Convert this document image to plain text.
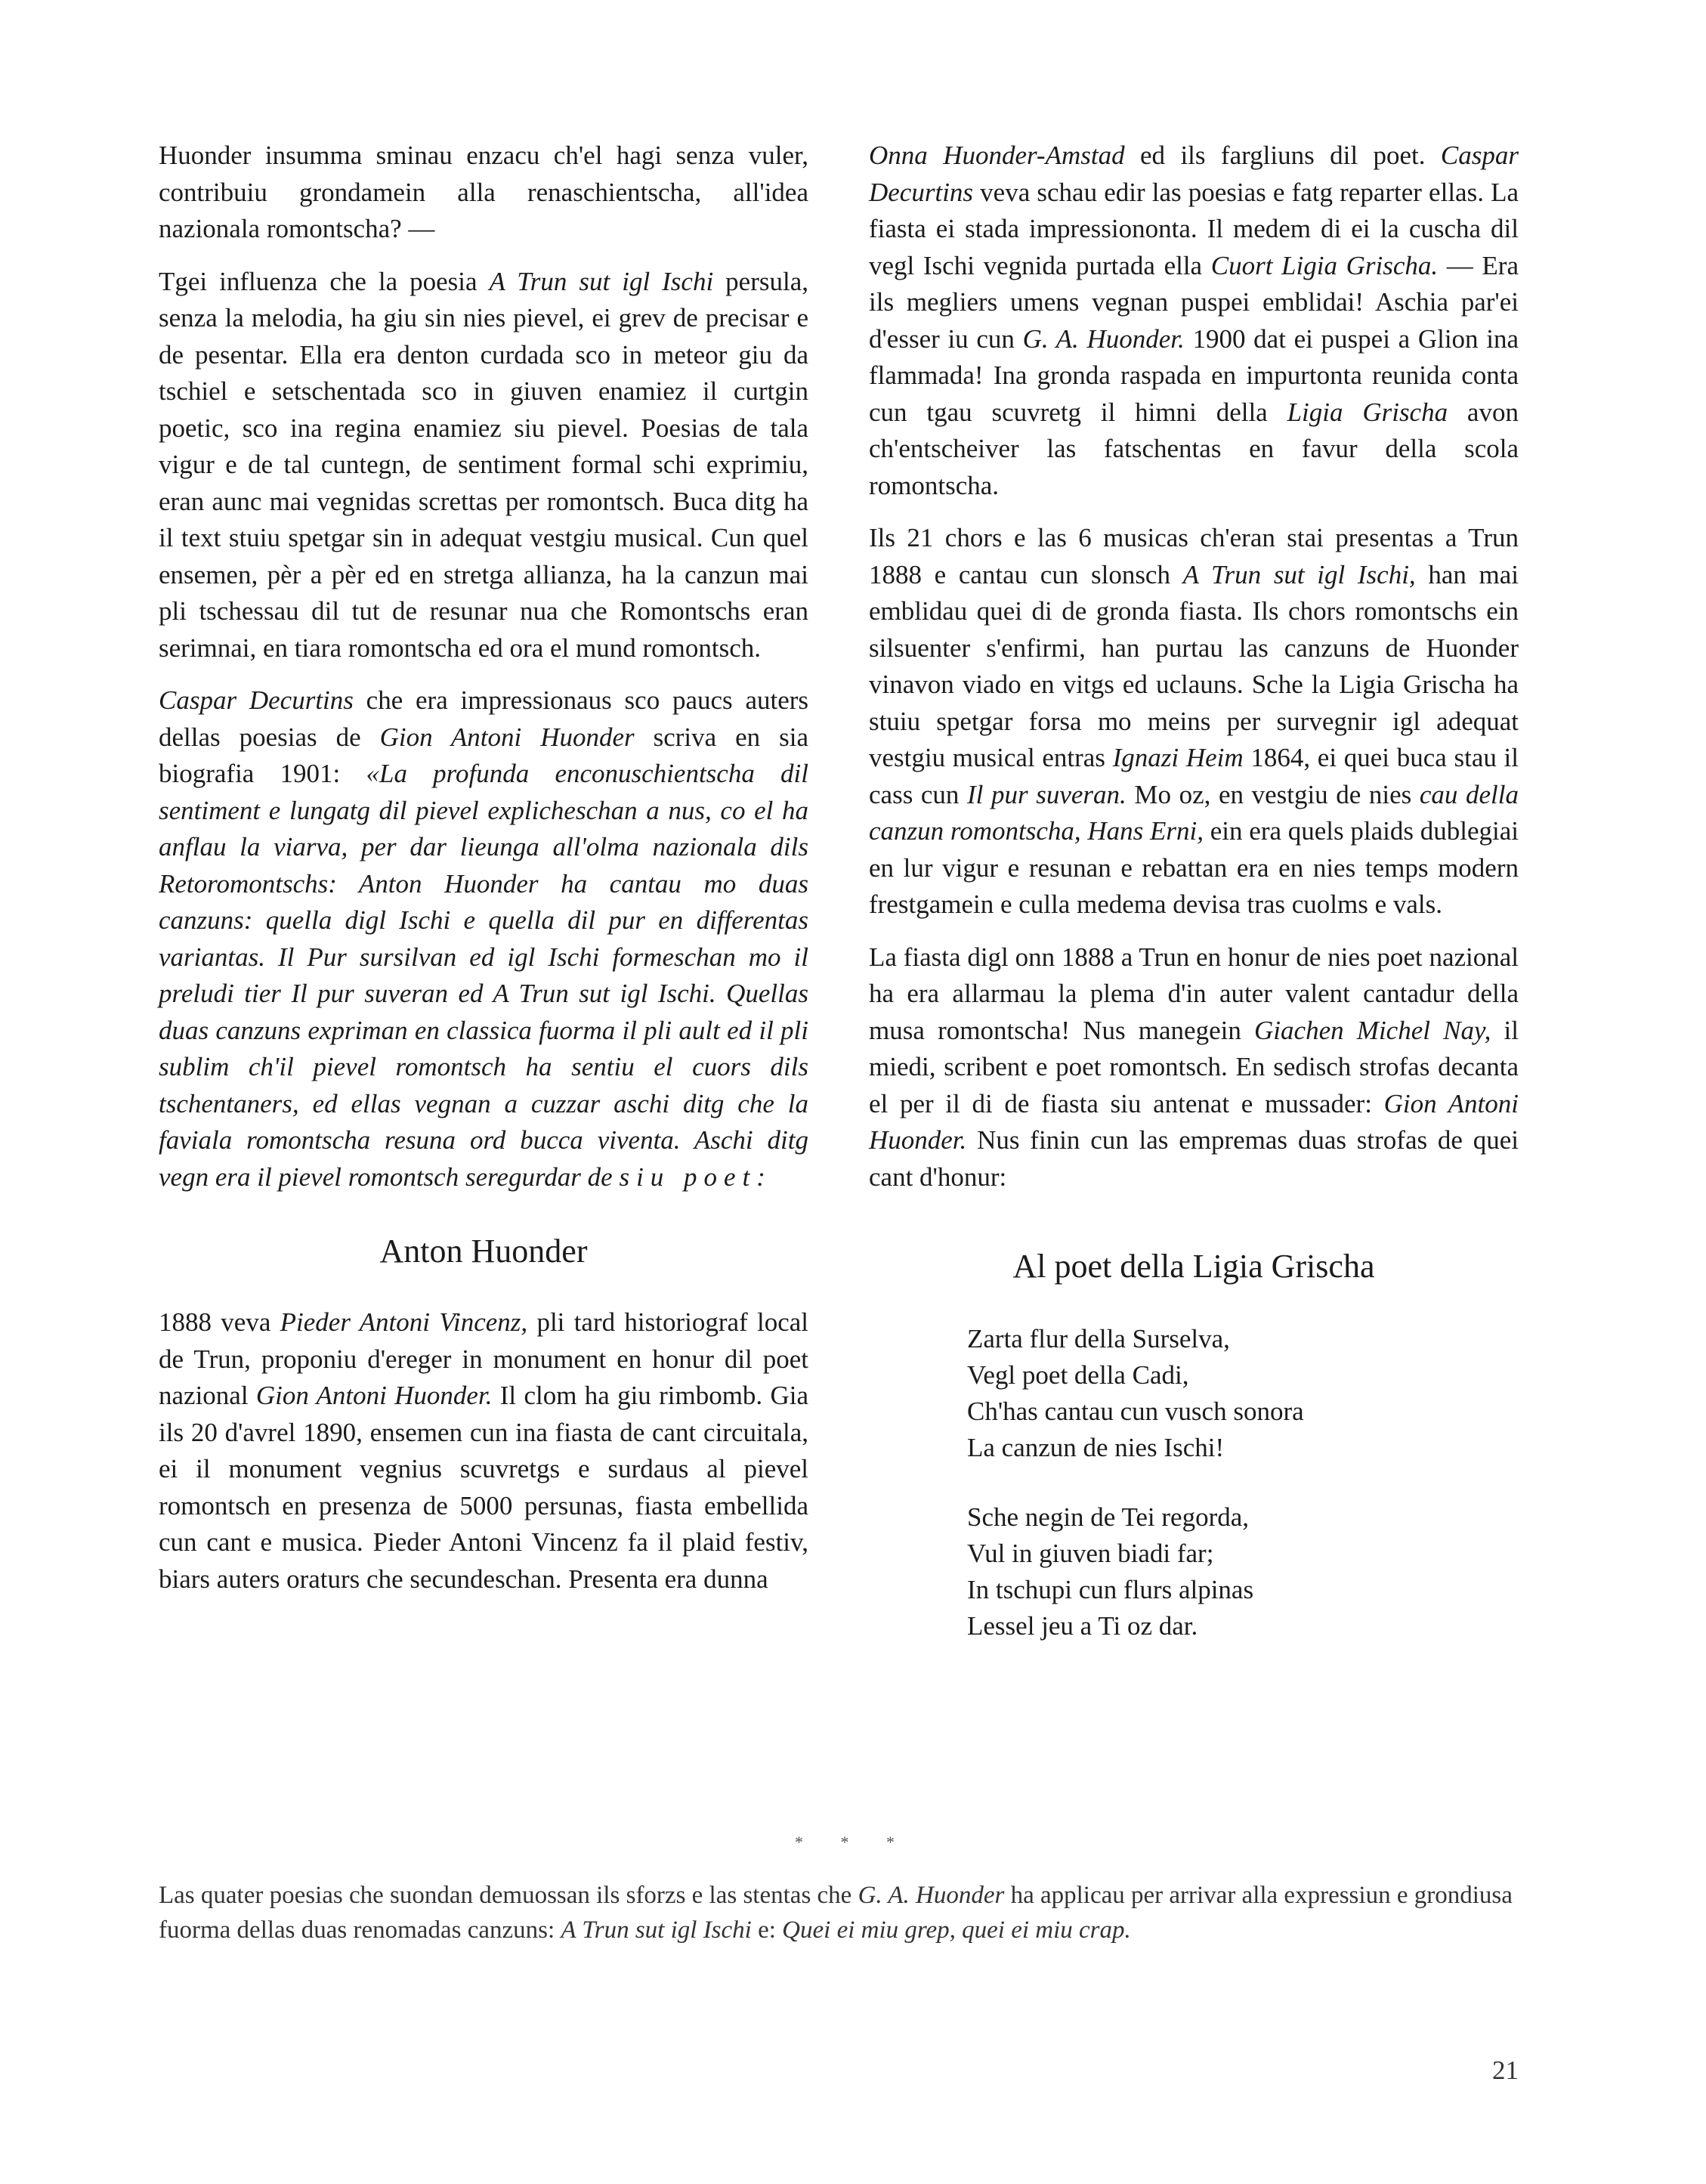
Huonder insumma sminau enzacu ch'el hagi senza vuler, contribuiu grondamein alla renaschientscha, all'idea nazionala romontscha? —

Tgei influenza che la poesia A Trun sut igl Ischi persula, senza la melodia, ha giu sin nies pievel, ei grev de precisar e de pesentar. Ella era denton curdada sco in meteor giu da tschiel e setschentada sco in giuven enamiez il curtgin poetic, sco ina regina enamiez siu pievel. Poesias de tala vigur e de tal cuntegn, de sentiment formal schi exprimiu, eran aunc mai vegnidas screttas per romontsch. Buca ditg ha il text stuiu spetgar sin in adequat vestgiu musical. Cun quel ensemen, pèr a pèr ed en stretga allianza, ha la canzun mai pli tschessau dil tut de resunar nua che Romontschs eran serimnai, en tiara romontscha ed ora el mund romontsch.

Caspar Decurtins che era impressionaus sco paucs auters dellas poesias de Gion Antoni Huonder scriva en sia biografia 1901: «La profunda enconuschientscha dil sentiment e lungatg dil pievel explicheschan a nus, co el ha anflau la viarva, per dar lieunga all'olma nazionala dils Retoromontschs: Anton Huonder ha cantau mo duas canzuns: quella digl Ischi e quella dil pur en differentas variantas. Il Pur sursilvan ed igl Ischi formeschan mo il preludi tier Il pur suveran ed A Trun sut igl Ischi. Quellas duas canzuns expriman en classica fuorma il pli ault ed il pli sublim ch'il pievel romontsch ha sentiu el cuors dils tschentaners, ed ellas vegnan a cuzzar aschi ditg che la faviala romontscha resuna ord bucca viventa. Aschi ditg vegn era il pievel romontsch seregurdar de siu poet:

Anton Huonder

1888 veva Pieder Antoni Vincenz, pli tard historiograf local de Trun, proponiu d'ereger in monument en honur dil poet nazional Gion Antoni Huonder. Il clom ha giu rimbomb. Gia ils 20 d'avrel 1890, ensemen cun ina fiasta de cant circuitala, ei il monument vegnius scuvretgs e surdaus al pievel romontsch en presenza de 5000 persunas, fiasta embellida cun cant e musica. Pieder Antoni Vincenz fa il plaid festiv, biars auters oraturs che secundeschan. Presenta era dunna

Onna Huonder-Amstad ed ils fargliuns dil poet. Caspar Decurtins veva schau edir las poesias e fatg reparter ellas. La fiasta ei stada impressiononta. Il medem di ei la cuscha dil vegl Ischi vegnida purtada ella Cuort Ligia Grischa. — Era ils megliers umens vegnan puspei emblidai! Aschia par'ei d'esser iu cun G. A. Huonder. 1900 dat ei puspei a Glion ina flammada! Ina gronda raspada en impurtonta reunida conta cun tgau scuvretg il himni della Ligia Grischa avon ch'entscheiver las fatschentas en favur della scola romontscha.

Ils 21 chors e las 6 musicas ch'eran stai presentas a Trun 1888 e cantau cun slonsch A Trun sut igl Ischi, han mai emblidau quei di de gronda fiasta. Ils chors romontschs ein silsuenter s'enfirmi, han purtau las canzuns de Huonder vinavon viado en vitgs ed uclauns. Sche la Ligia Grischa ha stuiu spetgar forsa mo meins per survegnir igl adequat vestgiu musical entras Ignazi Heim 1864, ei quei buca stau il cass cun Il pur suveran. Mo oz, en vestgiu de nies cau della canzun romontscha, Hans Erni, ein era quels plaids dublegiai en lur vigur e resunan e rebattan era en nies temps modern frestgamein e culla medema devisa tras cuolms e vals.

La fiasta digl onn 1888 a Trun en honur de nies poet nazional ha era allarmau la plema d'in auter valent cantadur della musa romontscha! Nus manegein Giachen Michel Nay, il miedi, scribent e poet romontsch. En sedisch strofas decanta el per il di de fiasta siu antenat e mussader: Gion Antoni Huonder. Nus finin cun las empremas duas strofas de quei cant d'honur:

Al poet della Ligia Grischa
Zarta flur della Surselva,
Vegl poet della Cadi,
Ch'has cantau cun vusch sonora
La canzun de nies Ischi!
Sche negin de Tei regorda,
Vul in giuven biadi far;
In tschupi cun flurs alpinas
Lessel jeu a Ti oz dar.
* * *
Las quater poesias che suondan demuossan ils sforzs e las stentas che G. A. Huonder ha applicau per arrivar alla expressiun e grondiusa fuorma dellas duas renomadas canzuns: A Trun sut igl Ischi e: Quei ei miu grep, quei ei miu crap.
21
